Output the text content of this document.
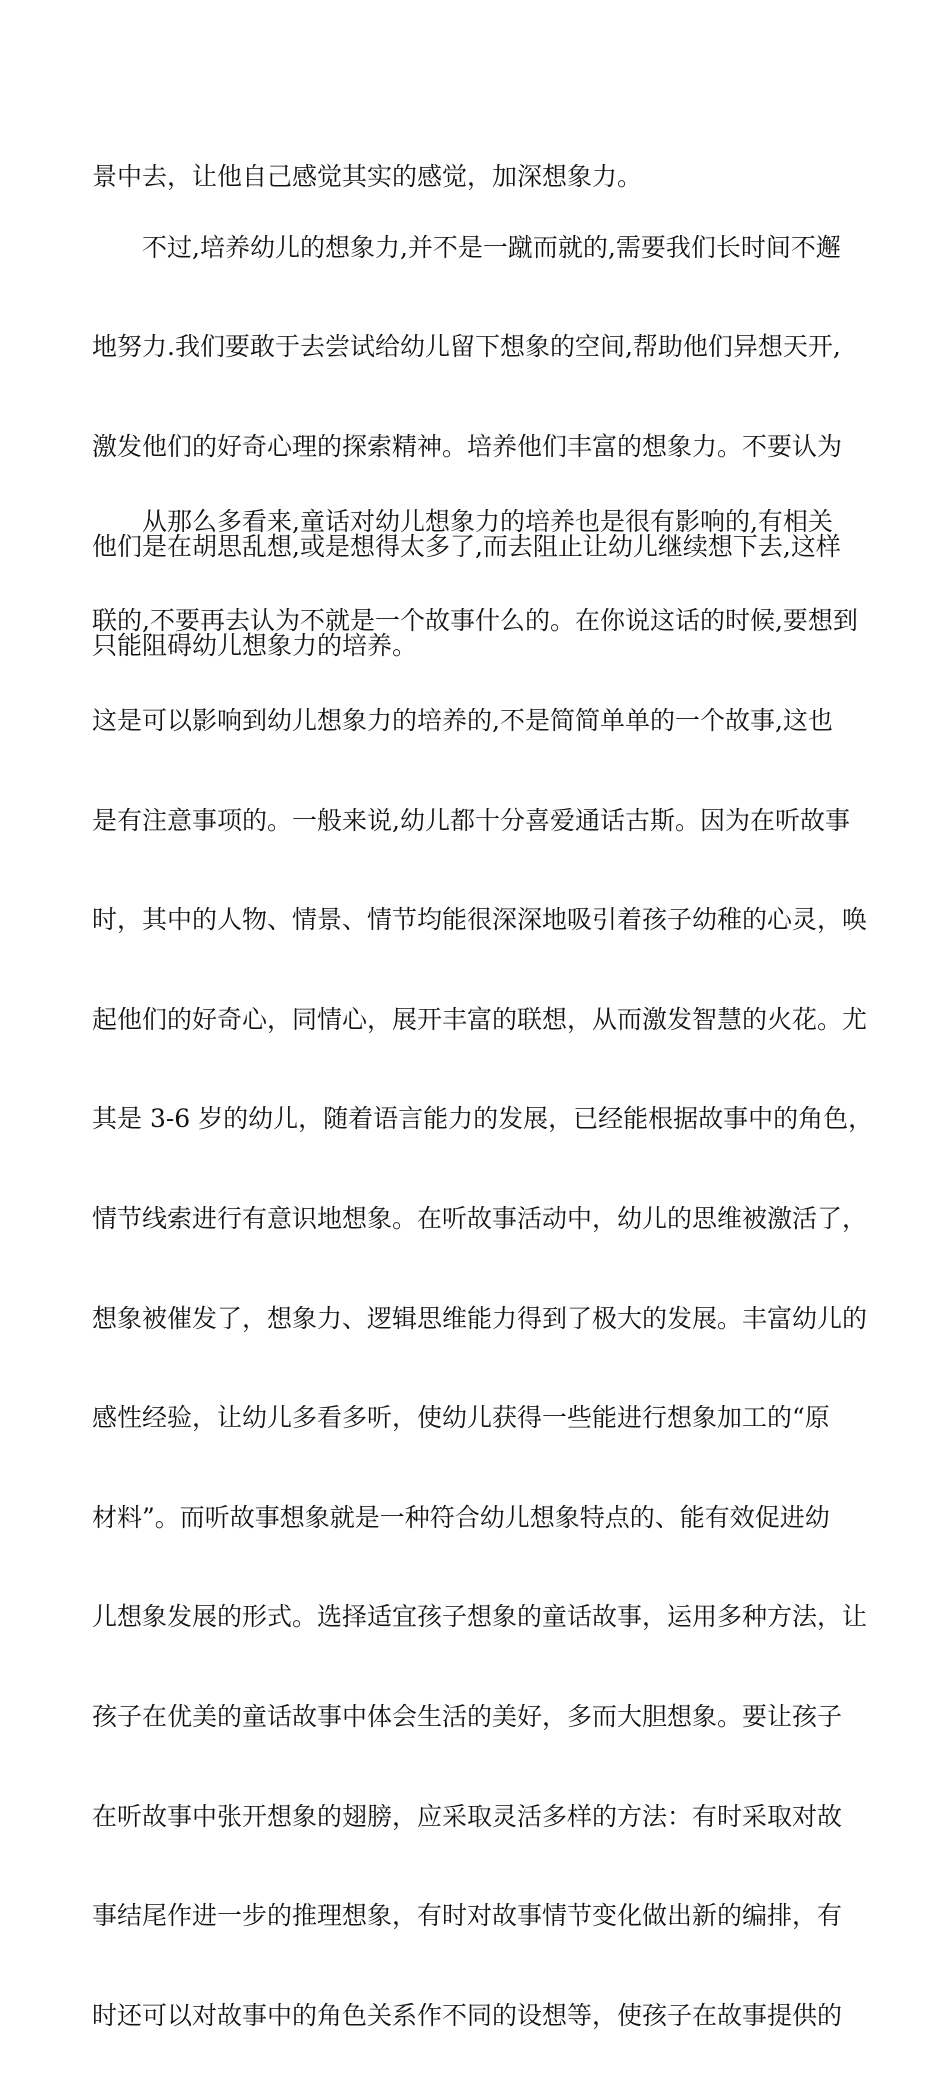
景中去，让他自己感觉其实的感觉，加深想象力。

不过,培养幼儿的想象力,并不是一蹴而就的,需要我们长时间不邂

地努力.我们要敢于去尝试给幼儿留下想象的空间,帮助他们异想天开,

激发他们的好奇心理的探索精神。培养他们丰富的想象力。不要认为

他们是在胡思乱想,或是想得太多了,而去阻止让幼儿继续想下去,这样

只能阻碍幼儿想象力的培养。

从那么多看来,童话对幼儿想象力的培养也是很有影响的,有相关

联的,不要再去认为不就是一个故事什么的。在你说这话的时候,要想到

这是可以影响到幼儿想象力的培养的,不是简简单单的一个故事,这也

是有注意事项的。一般来说,幼儿都十分喜爱通话古斯。因为在听故事

时，其中的人物、情景、情节均能很深深地吸引着孩子幼稚的心灵，唤

起他们的好奇心，同情心，展开丰富的联想，从而激发智慧的火花。尤

其是 3-6 岁的幼儿，随着语言能力的发展，已经能根据故事中的角色，

情节线索进行有意识地想象。在听故事活动中，幼儿的思维被激活了，

想象被催发了，想象力、逻辑思维能力得到了极大的发展。丰富幼儿的

感性经验，让幼儿多看多听，使幼儿获得一些能进行想象加工的“原

材料”。而听故事想象就是一种符合幼儿想象特点的、能有效促进幼

儿想象发展的形式。选择适宜孩子想象的童话故事，运用多种方法，让

孩子在优美的童话故事中体会生活的美好，多而大胆想象。要让孩子

在听故事中张开想象的翅膀，应采取灵活多样的方法：有时采取对故

事结尾作进一步的推理想象，有时对故事情节变化做出新的编排，有

时还可以对故事中的角色关系作不同的设想等，使孩子在故事提供的
